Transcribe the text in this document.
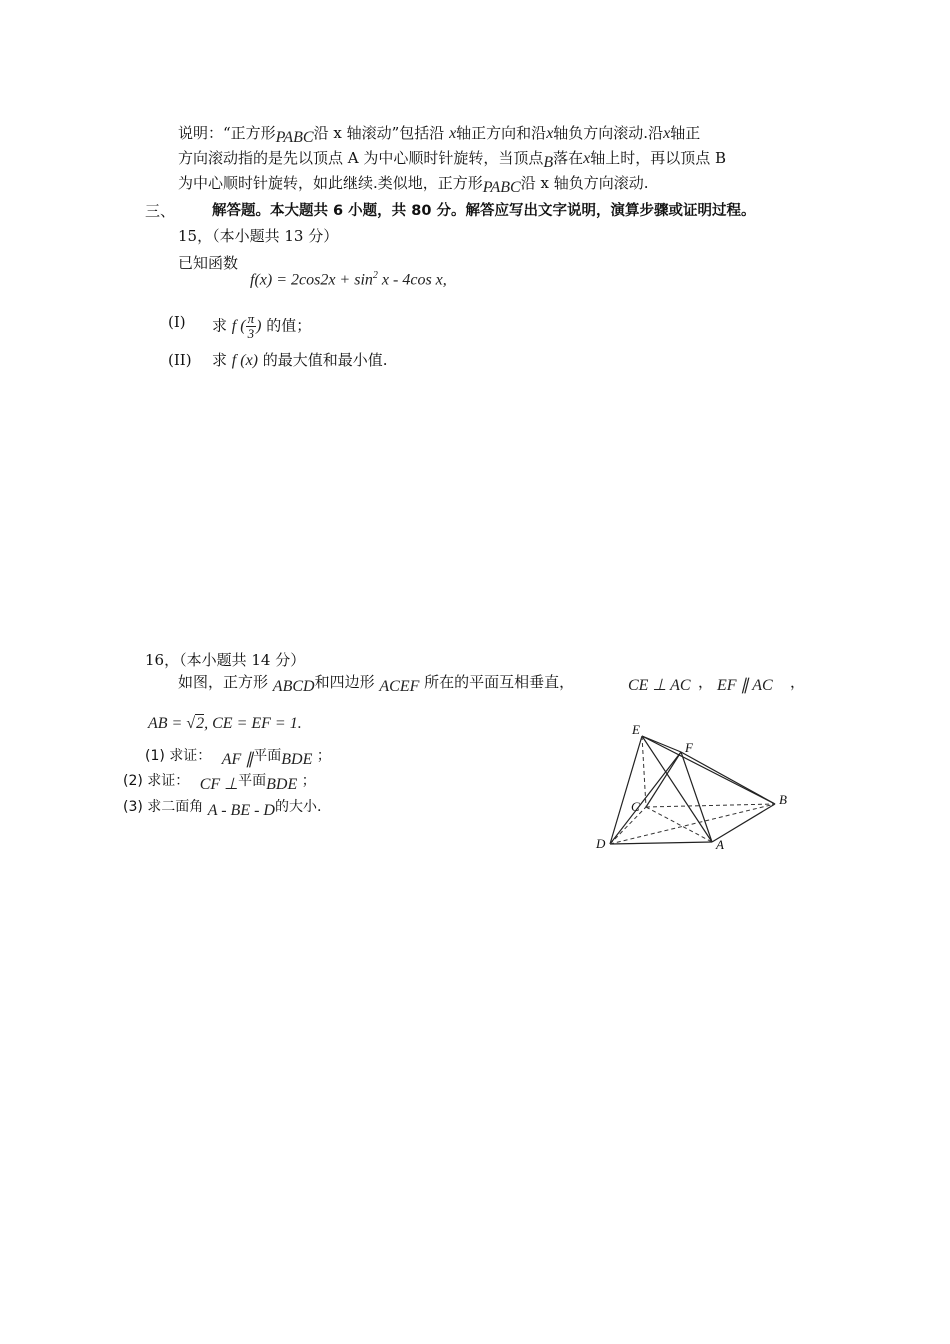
说明：“正方形PABC沿 x 轴滚动”包括沿 x轴正方向和沿x轴负方向滚动.沿x轴正
方向滚动指的是先以顶点 A 为中心顺时针旋转，当顶点B落在x轴上时，再以顶点 B
为中心顺时针旋转，如此继续.类似地，正方形PABC沿 x 轴负方向滚动.
三、	解答题。本大题共 6 小题，共 80 分。解答应写出文字说明，演算步骤或证明过程。
15，（本小题共 13 分）
已知函数
$f(x) = 2\cos 2x + \sin^2 x - 4\cos$ x,
(I) 求 f ( $\frac{\pi}{3}$ ) 的值；
(II) 求 f (x) 的最大值和最小值.
16，（本小题共 14 分）
如图，正方形 ABCD和四边形 ACEF 所在的平面互相垂直，	CE ⊥ AC ， EF ∥ AC ，
AB = √2, CE = EF = 1.
(1) 求证： AF ∥平面BDE ；
(2) 求证： CF ⊥平面BDE ；
(3) 求二面角 A - BE - D的大小.
E
F
C	B
D	A
